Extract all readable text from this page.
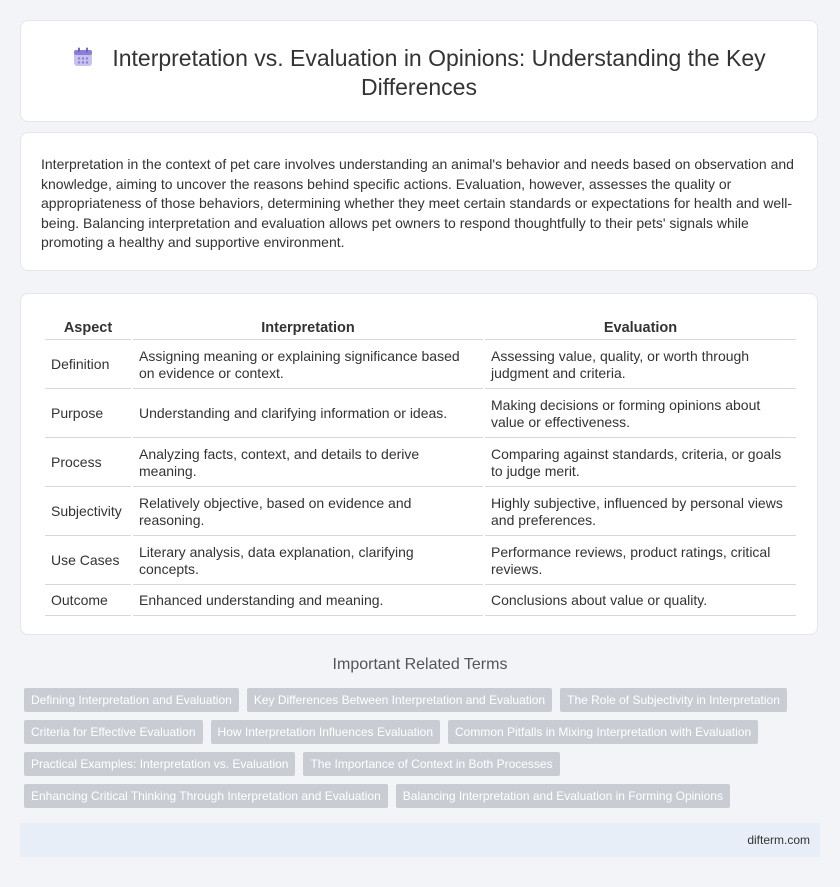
Interpretation vs. Evaluation in Opinions: Understanding the Key Differences

Interpretation in the context of pet care involves understanding an animal's behavior and needs based on observation and knowledge, aiming to uncover the reasons behind specific actions. Evaluation, however, assesses the quality or appropriateness of those behaviors, determining whether they meet certain standards or expectations for health and well-being. Balancing interpretation and evaluation allows pet owners to respond thoughtfully to their pets' signals while promoting a healthy and supportive environment.

Aspect	Interpretation	Evaluation
Definition	Assigning meaning or explaining significance based on evidence or context.	Assessing value, quality, or worth through judgment and criteria.
Purpose	Understanding and clarifying information or ideas.	Making decisions or forming opinions about value or effectiveness.
Process	Analyzing facts, context, and details to derive meaning.	Comparing against standards, criteria, or goals to judge merit.
Subjectivity	Relatively objective, based on evidence and reasoning.	Highly subjective, influenced by personal views and preferences.
Use Cases	Literary analysis, data explanation, clarifying concepts.	Performance reviews, product ratings, critical reviews.
Outcome	Enhanced understanding and meaning.	Conclusions about value or quality.
Important Related Terms
Defining Interpretation and Evaluation Key Differences Between Interpretation and Evaluation The Role of Subjectivity in InterpretationCriteria for Effective Evaluation How Interpretation Influences Evaluation Common Pitfalls in Mixing Interpretation with EvaluationPractical Examples: Interpretation vs. Evaluation The Importance of Context in Both ProcessesEnhancing Critical Thinking Through Interpretation and Evaluation Balancing Interpretation and Evaluation in Forming Opinions
difterm.com
